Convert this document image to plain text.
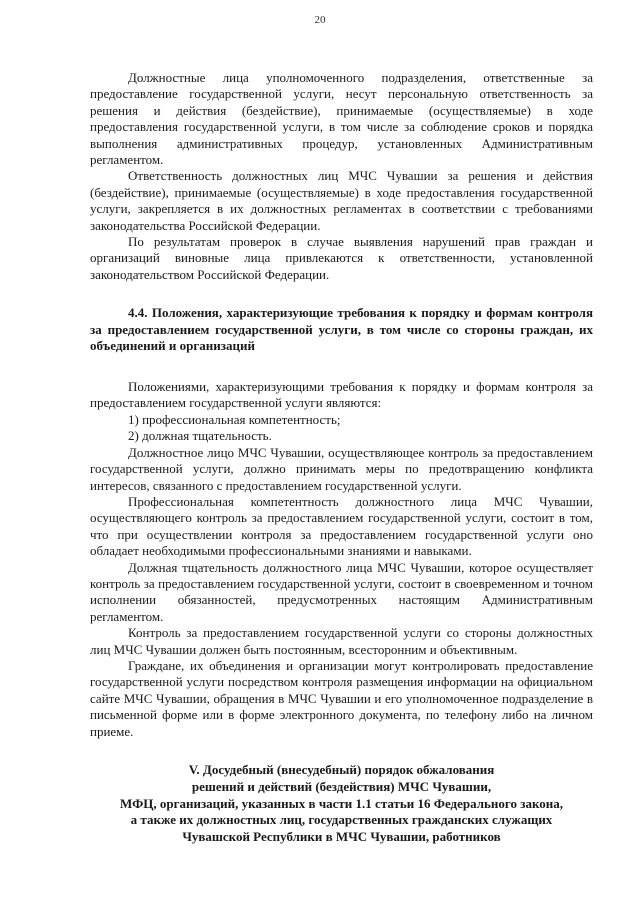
20

Должностные лица уполномоченного подразделения, ответственные за предоставление государственной услуги, несут персональную ответственность за решения и действия (бездействие), принимаемые (осуществляемые) в ходе предоставления государственной услуги, в том числе за соблюдение сроков и порядка выполнения административных процедур, установленных Административным регламентом.

Ответственность должностных лиц МЧС Чувашии за решения и действия (бездействие), принимаемые (осуществляемые) в ходе предоставления государственной услуги, закрепляется в их должностных регламентах в соответствии с требованиями законодательства Российской Федерации.

По результатам проверок в случае выявления нарушений прав граждан и организаций виновные лица привлекаются к ответственности, установленной законодательством Российской Федерации.

4.4. Положения, характеризующие требования к порядку и формам контроля за предоставлением государственной услуги, в том числе со стороны граждан, их объединений и организаций

Положениями, характеризующими требования к порядку и формам контроля за предоставлением государственной услуги являются:

1) профессиональная компетентность;

2) должная тщательность.

Должностное лицо МЧС Чувашии, осуществляющее контроль за предоставлением государственной услуги, должно принимать меры по предотвращению конфликта интересов, связанного с предоставлением государственной услуги.

Профессиональная компетентность должностного лица МЧС Чувашии, осуществляющего контроль за предоставлением государственной услуги, состоит в том, что при осуществлении контроля за предоставлением государственной услуги оно обладает необходимыми профессиональными знаниями и навыками.

Должная тщательность должностного лица МЧС Чувашии, которое осуществляет контроль за предоставлением государственной услуги, состоит в своевременном и точном исполнении обязанностей, предусмотренных настоящим Административным регламентом.

Контроль за предоставлением государственной услуги со стороны должностных лиц МЧС Чувашии должен быть постоянным, всесторонним и объективным.

Граждане, их объединения и организации могут контролировать предоставление государственной услуги посредством контроля размещения информации на официальном сайте МЧС Чувашии, обращения в МЧС Чувашии и его уполномоченное подразделение в письменной форме или в форме электронного документа, по телефону либо на личном приеме.

V. Досудебный (внесудебный) порядок обжалования
решений и действий (бездействия) МЧС Чувашии,
МФЦ, организаций, указанных в части 1.1 статьи 16 Федерального закона,
а также их должностных лиц, государственных гражданских служащих
Чувашской Республики в МЧС Чувашии, работников
